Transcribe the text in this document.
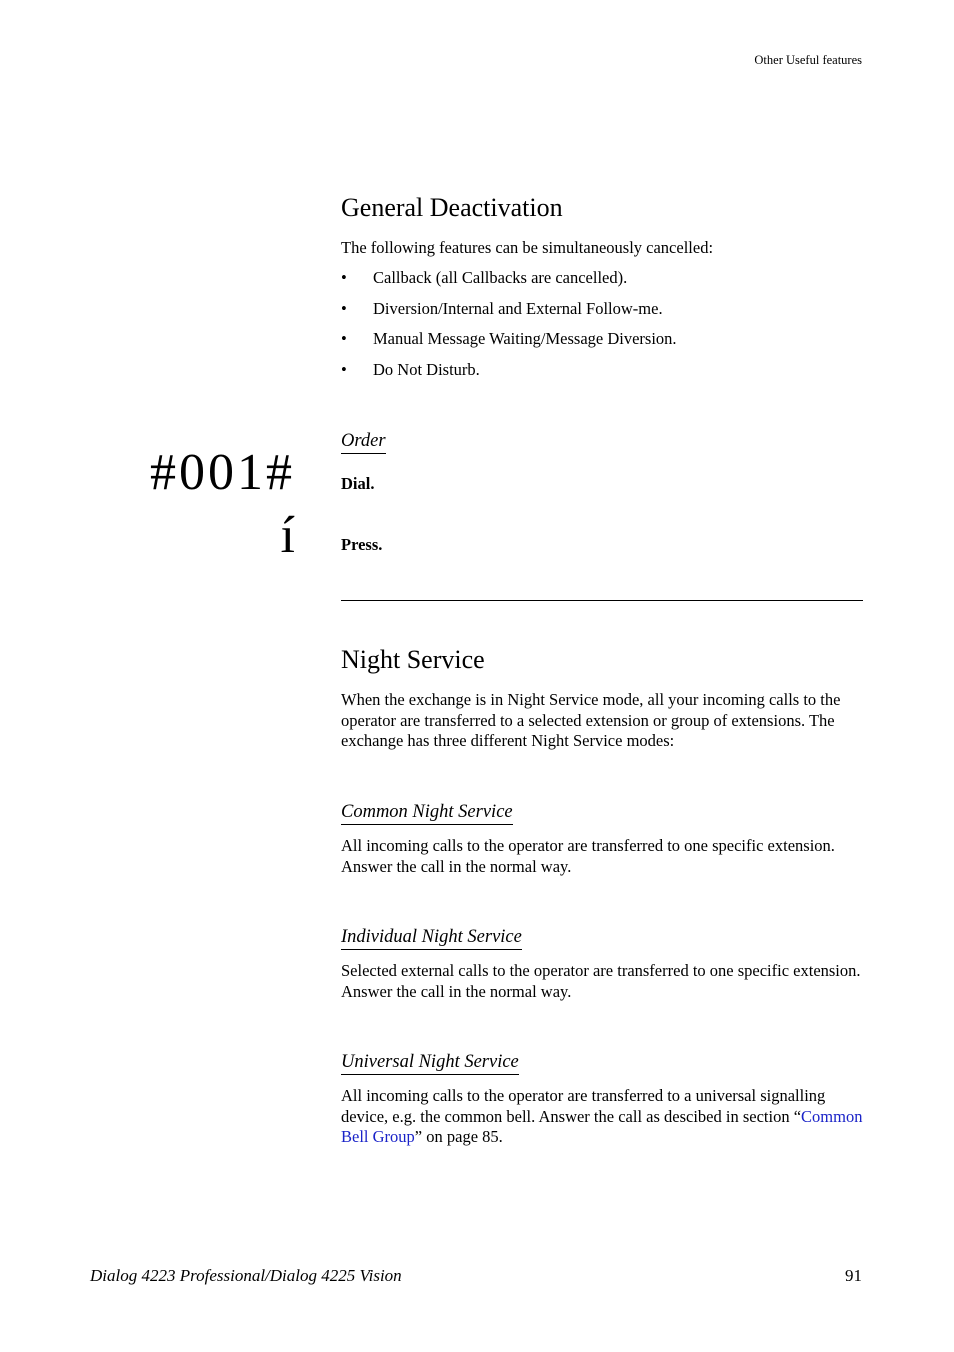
Other Useful features
General Deactivation
The following features can be simultaneously cancelled:
• Callback (all Callbacks are cancelled).
• Diversion/Internal and External Follow-me.
• Manual Message Waiting/Message Diversion.
• Do Not Disturb.
Order
#001#	Dial.
í	Press.
Night Service
When the exchange is in Night Service mode, all your incoming calls to the operator are transferred to a selected extension or group of extensions. The exchange has three different Night Service modes:
Common Night Service
All incoming calls to the operator are transferred to one specific extension. Answer the call in the normal way.
Individual Night Service
Selected external calls to the operator are transferred to one specific extension. Answer the call in the normal way.
Universal Night Service
All incoming calls to the operator are transferred to a universal signalling device, e.g. the common bell. Answer the call as descibed in section “Common Bell Group” on page 85.
Dialog 4223 Professional/Dialog 4225 Vision	91
